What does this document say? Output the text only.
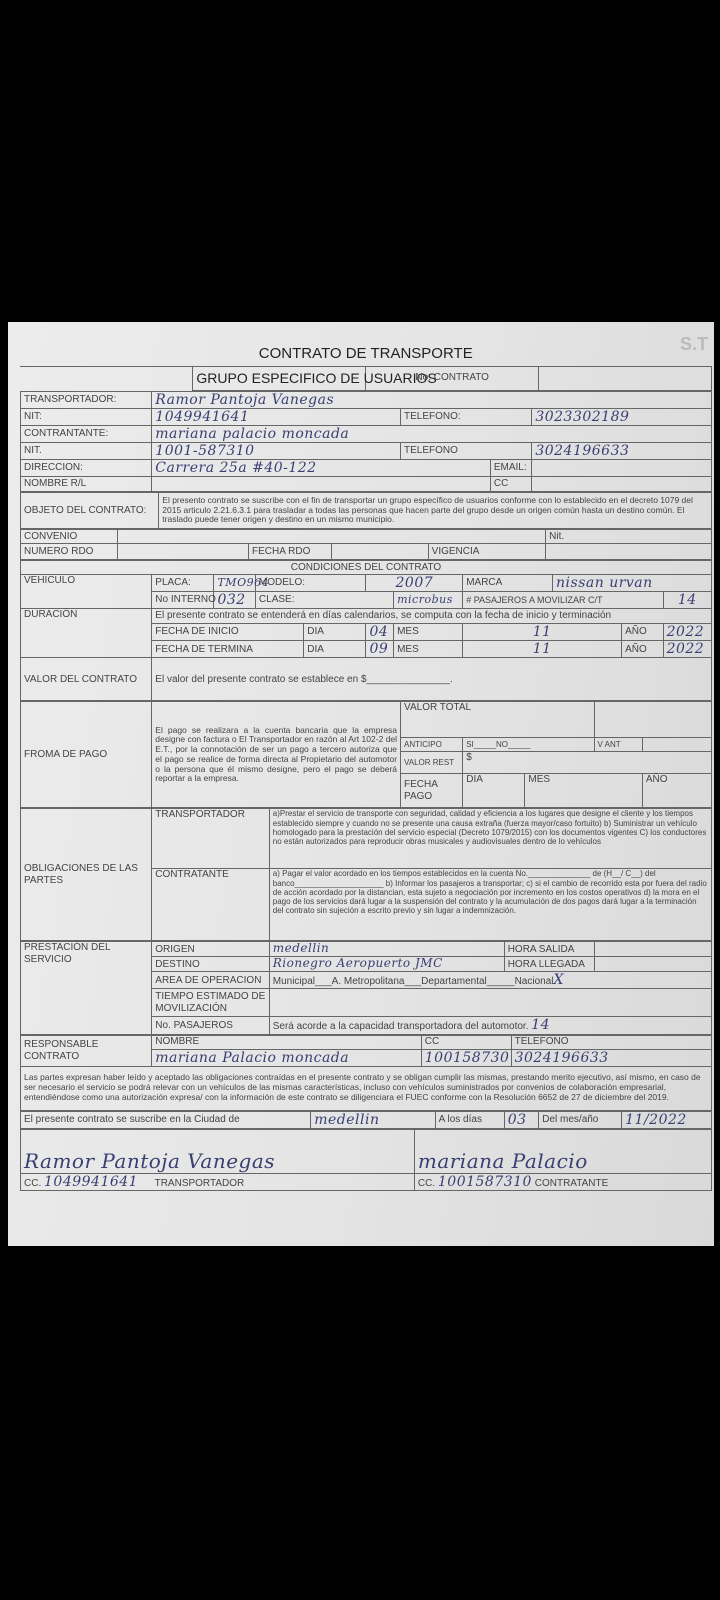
S.T
CONTRATO DE TRANSPORTE
	GRUPO ESPECIFICO DE USUARIOS	No. CONTRATO	
TRANSPORTADOR:	Ramor Pantoja Vanegas			
NIT:	1049941641	TELEFONO:		3023302189
CONTRANTANTE:	mariana palacio moncada			
NIT.	1001-587310	TELEFONO		3024196633
DIRECCION:	Carrera 25a #40-122		EMAIL:	
NOMBRE R/L			CC	
OBJETO DEL CONTRATO:	El presento contrato se suscribe con el fin de transportar un grupo específico de usuarios conforme con lo establecido en el decreto 1079 del 2015 articulo 2.21.6.3.1 para trasladar a todas las personas que hacen parte del grupo desde un origen común hasta un destino común. El traslado puede tener origen y destino en un mismo municipio.
CONVENIO					Nit.
NUMERO RDO		FECHA RDO		VIGENCIA	
CONDICIONES DEL CONTRATO										
VEHICULO	PLACA:	TMO964	MODELO:		2007		MARCA	nissan urvan		
	No INTERNO	032	CLASE:			microbus	# PASAJEROS A MOVILIZAR C/T			14
DURACIÓN	El presente contrato se entenderá en días calendarios, se computa con la fecha de inicio y terminación									
	FECHA DE INICIO			DIA	04	MES	11		AÑO	2022
	FECHA DE TERMINA			DIA	09	MES	11		AÑO	2022
VALOR DEL CONTRATO	El valor del presente contrato se establece en $_______________.									
FROMA DE PAGO	El pago se realizara a la cuenta bancaria que la empresa designe con factura o El Transportador en razón al Art 102-2 del E.T., por la connotación de ser un pago a tercero autoriza que el pago se realice de forma directa al Propietario del automotor o la persona que él mismo designe, pero el pago se deberá reportar a la empresa.	VALOR TOTAL				
		ANTICIPO	SI_____NO_____		V ANT	
		VALOR REST	$			
		FECHA PAGO	DIA	MES		AÑO
OBLIGACIONES DE LAS PARTES	TRANSPORTADOR	a)Prestar el servicio de transporte con seguridad, calidad y eficiencia a los lugares que designe el cliente y los tiempos establecido siempre y cuando no se presente una causa extraña (fuerza mayor/caso fortuito) b) Suministrar un vehículo homologado para la prestación del servicio especial (Decreto 1079/2015) con los documentos vigentes C) los conductores no están autorizados para reproducir obras musicales y audiovisuales dentro de lo vehículos
	CONTRATANTE	a) Pagar el valor acordado en los tiempos establecidos en la cuenta No.______________ de (H__/ C__) del banco____________________ b) Informar los pasajeros a transportar; c) si el cambio de recorrido esta por fuera del radio de acción acordado por la distancian, esta sujeto a negociación por incremento en los costos operativos d) la mora en el pago de los servicios dará lugar a la suspensión del contrato y la acumulación de dos pagos dará lugar a la terminación del contrato sin sujeción a escrito previo y sin lugar a indemnización.
PRESTACIÓN DEL SERVICIO	ORIGEN	medellin	HORA SALIDA	
	DESTINO	Rionegro Aeropuerto JMC	HORA LLEGADA	
	AREA DE OPERACION	Municipal___A. Metropolitana___Departamental_____NacionalX		
	TIEMPO ESTIMADO DE MOVILIZACIÓN			
	No. PASAJEROS	Será acorde a la capacidad transportadora del automotor. 14		
RESPONSABLE CONTRATO	NOMBRE	CC	TELEFONO
	mariana Palacio moncada	100158730	3024196633
Las partes expresan haber leído y aceptado las obligaciones contraídas en el presente contrato y se obligan cumplir las mismas, prestando merito ejecutivo, así mismo, en caso de ser necesario el servicio se podrá relevar con un vehículos de las mismas características, incluso con vehículos suministrados por convenios de colaboración empresarial, entendiéndose como una autorización expresa/ con la información de este contrato se diligenciara el FUEC conforme con la Resolución 6652 de 27 de diciembre del 2019.			
El presente contrato se suscribe en la Ciudad de	medellin	A los días	03	Del mes/año	11/2022
Ramor Pantoja Vanegas	mariana Palacio
CC. 1049941641 TRANSPORTADOR	CC. 1001587310 CONTRATANTE
